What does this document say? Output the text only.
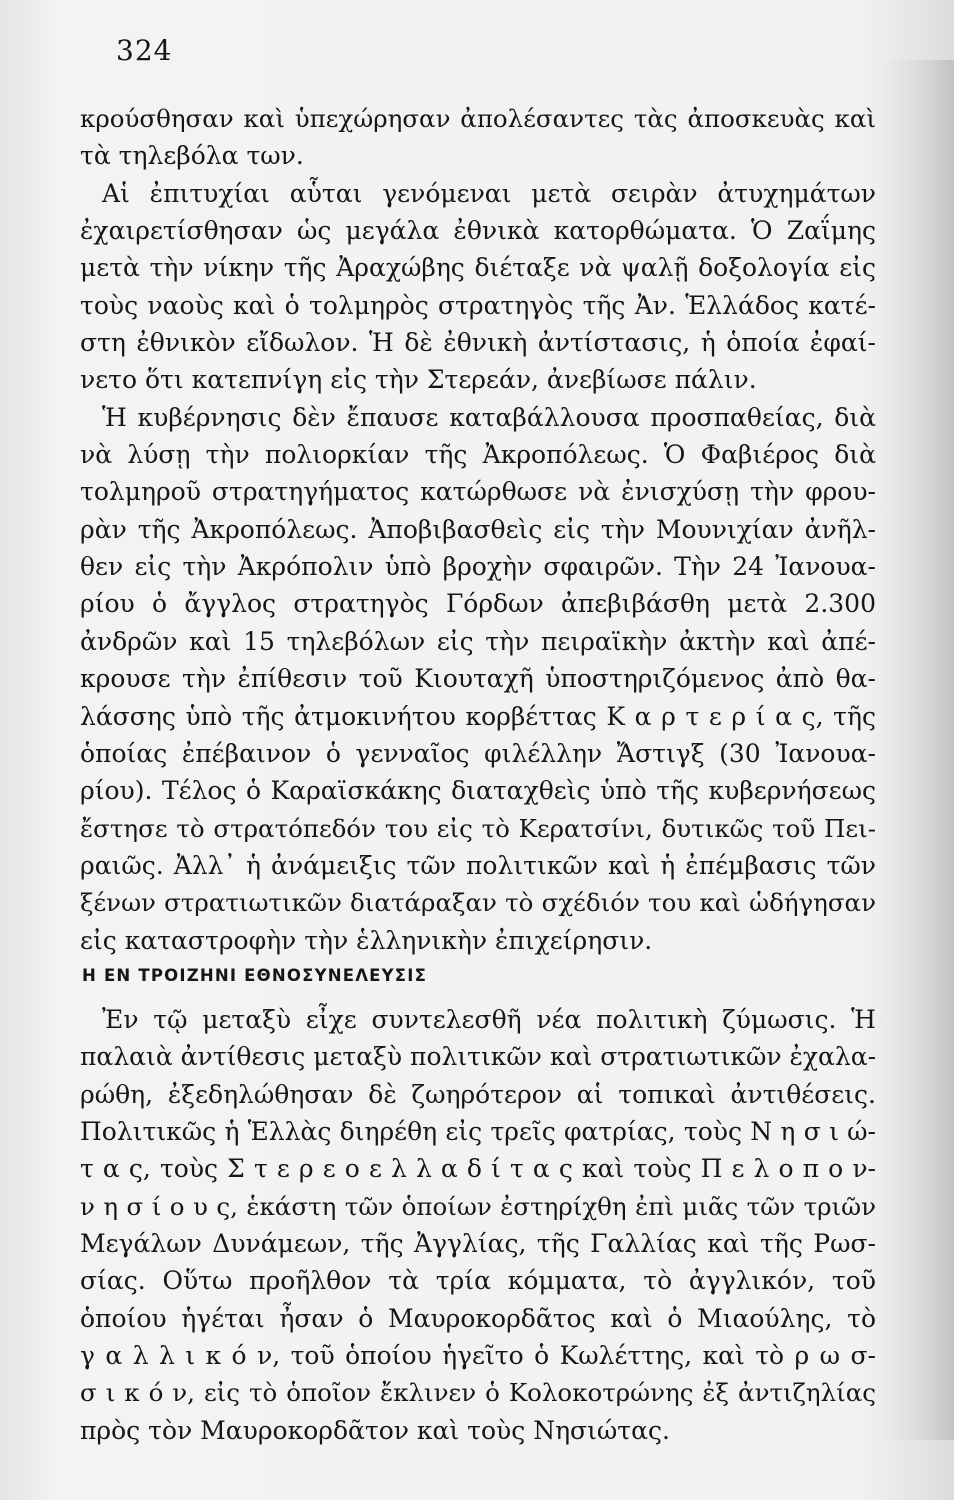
324
κρούσθησαν καὶ ὑπεχώρησαν ἀπολέσαντες τὰς ἀποσκευὰς καὶ
τὰ τηλεβόλα των.
Αἱ ἐπιτυχίαι αὗται γενόμεναι μετὰ σειρὰν ἀτυχημάτων
ἐχαιρετίσθησαν ὡς μεγάλα ἐθνικὰ κατορθώματα. Ὁ Ζαΐμης
μετὰ τὴν νίκην τῆς Ἀραχώβης διέταξε νὰ ψαλῇ δοξολογία εἰς
τοὺς ναοὺς καὶ ὁ τολμηρὸς στρατηγὸς τῆς Ἀν. Ἑλλάδος κατέ-
στη ἐθνικὸν εἴδωλον. Ἡ δὲ ἐθνικὴ ἀντίστασις, ἡ ὁποία ἐφαί-
νετο ὅτι κατεπνίγη εἰς τὴν Στερεάν, ἀνεβίωσε πάλιν.
Ἡ κυβέρνησις δὲν ἔπαυσε καταβάλλουσα προσπαθείας, διὰ
νὰ λύσῃ τὴν πολιορκίαν τῆς Ἀκροπόλεως. Ὁ Φαβιέρος διὰ
τολμηροῦ στρατηγήματος κατώρθωσε νὰ ἐνισχύσῃ τὴν φρου-
ρὰν τῆς Ἀκροπόλεως. Ἀποβιβασθεὶς εἰς τὴν Μουνιχίαν ἀνῆλ-
θεν εἰς τὴν Ἀκρόπολιν ὑπὸ βροχὴν σφαιρῶν. Τὴν 24 Ἰανουα-
ρίου ὁ ἄγγλος στρατηγὸς Γόρδων ἀπεβιβάσθη μετὰ 2.300
ἀνδρῶν καὶ 15 τηλεβόλων εἰς τὴν πειραϊκὴν ἀκτὴν καὶ ἀπέ-
κρουσε τὴν ἐπίθεσιν τοῦ Κιουταχῆ ὑποστηριζόμενος ἀπὸ θα-
λάσσης ὑπὸ τῆς ἀτμοκινήτου κορβέττας Κ α ρ τ ε ρ ί α ς, τῆς
ὁποίας ἐπέβαινον ὁ γενναῖος φιλέλλην Ἄστιγξ (30 Ἰανουα-
ρίου). Τέλος ὁ Καραϊσκάκης διαταχθεὶς ὑπὸ τῆς κυβερνήσεως
ἔστησε τὸ στρατόπεδόν του εἰς τὸ Κερατσίνι, δυτικῶς τοῦ Πει-
ραιῶς. Ἀλλ᾽ ἡ ἀνάμειξις τῶν πολιτικῶν καὶ ἡ ἐπέμβασις τῶν
ξένων στρατιωτικῶν διατάραξαν τὸ σχέδιόν του καὶ ὡδήγησαν
εἰς καταστροφὴν τὴν ἑλληνικὴν ἐπιχείρησιν.
Η ΕΝ ΤΡΟΙΖΗΝΙ ΕΘΝΟΣΥΝΕΛΕΥΣΙΣ
Ἐν τῷ μεταξὺ εἶχε συντελεσθῆ νέα πολιτικὴ ζύμωσις. Ἡ
παλαιὰ ἀντίθεσις μεταξὺ πολιτικῶν καὶ στρατιωτικῶν ἐχαλα-
ρώθη, ἐξεδηλώθησαν δὲ ζωηρότερον αἱ τοπικαὶ ἀντιθέσεις.
Πολιτικῶς ἡ Ἑλλὰς διηρέθη εἰς τρεῖς φατρίας, τοὺς Ν η σ ι ώ-
τ α ς, τοὺς Σ τ ε ρ ε ο ε λ λ α δ ί τ α ς καὶ τοὺς Π ε λ ο π ο ν-
ν η σ ί ο υ ς, ἑκάστη τῶν ὁποίων ἐστηρίχθη ἐπὶ μιᾶς τῶν τριῶν
Μεγάλων Δυνάμεων, τῆς Ἀγγλίας, τῆς Γαλλίας καὶ τῆς Ρωσ-
σίας. Οὕτω προῆλθον τὰ τρία κόμματα, τὸ ἀγγλικόν, τοῦ
ὁποίου ἡγέται ἦσαν ὁ Μαυροκορδᾶτος καὶ ὁ Μιαούλης, τὸ
γ α λ λ ι κ ό ν, τοῦ ὁποίου ἡγεῖτο ὁ Κωλέττης, καὶ τὸ ρ ω σ-
σ ι κ ό ν, εἰς τὸ ὁποῖον ἔκλινεν ὁ Κολοκοτρώνης ἐξ ἀντιζηλίας
πρὸς τὸν Μαυροκορδᾶτον καὶ τοὺς Νησιώτας.
